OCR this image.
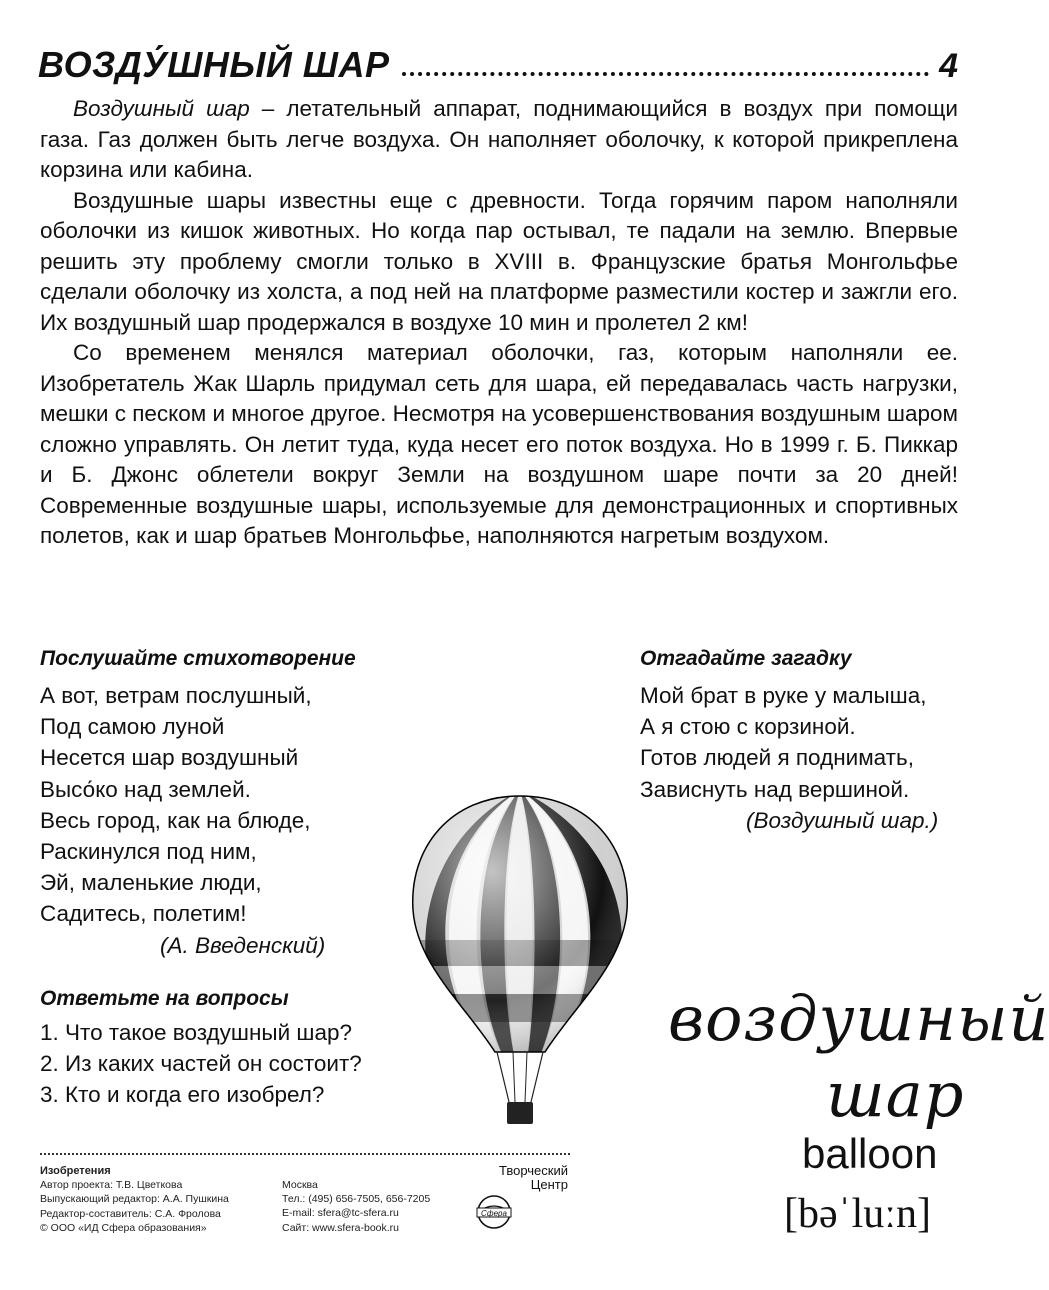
ВОЗДУ́ШНЫЙ ШАР	4

Воздушный шар – летательный аппарат, поднимающийся в воздух при помощи газа. Газ должен быть легче воздуха. Он наполняет оболочку, к которой прикреплена корзина или кабина.

Воздушные шары известны еще с древности. Тогда горячим паром наполняли оболочки из кишок животных. Но когда пар остывал, те падали на землю. Впервые решить эту проблему смогли только в XVIII в. Французские братья Монгольфье сделали оболочку из холста, а под ней на платформе разместили костер и зажгли его. Их воздушный шар продержался в воздухе 10 мин и пролетел 2 км!

Со временем менялся материал оболочки, газ, которым наполняли ее. Изобретатель Жак Шарль придумал сеть для шара, ей передавалась часть нагрузки, мешки с песком и многое другое. Несмотря на усовершенствования воздушным шаром сложно управлять. Он летит туда, куда несет его поток воздуха. Но в 1999 г. Б. Пиккар и Б. Джонс облетели вокруг Земли на воздушном шаре почти за 20 дней! Современные воздушные шары, используемые для демонстрационных и спортивных полетов, как и шар братьев Монгольфье, наполняются нагретым воздухом.

Послушайте стихотворение
А вот, ветрам послушный,
Под самою луной
Несется шар воздушный
Высо́ко над землей.
Весь город, как на блюде,
Раскинулся под ним,
Эй, маленькие люди,
Садитесь, полетим!
(А. Введенский)
Отгадайте загадку
Мой брат в руке у малыша,
А я стою с корзиной.
Готов людей я поднимать,
Зависнуть над вершиной.
(Воздушный шар.)
Ответьте на вопросы
1. Что такое воздушный шар?
2. Из каких частей он состоит?
3. Кто и когда его изобрел?
воздушный
шар
balloon
[bəˈluːn]
Изобретения
Автор проекта: Т.В. Цветкова
Выпускающий редактор: А.А. Пушкина
Редактор-составитель: С.А. Фролова
© ООО «ИД Сфера образования»
Москва
Тел.: (495) 656-7505, 656-7205
E-mail: sfera@tc-sfera.ru
Сайт: www.sfera-book.ru
Творческий
Центр
Сфера
